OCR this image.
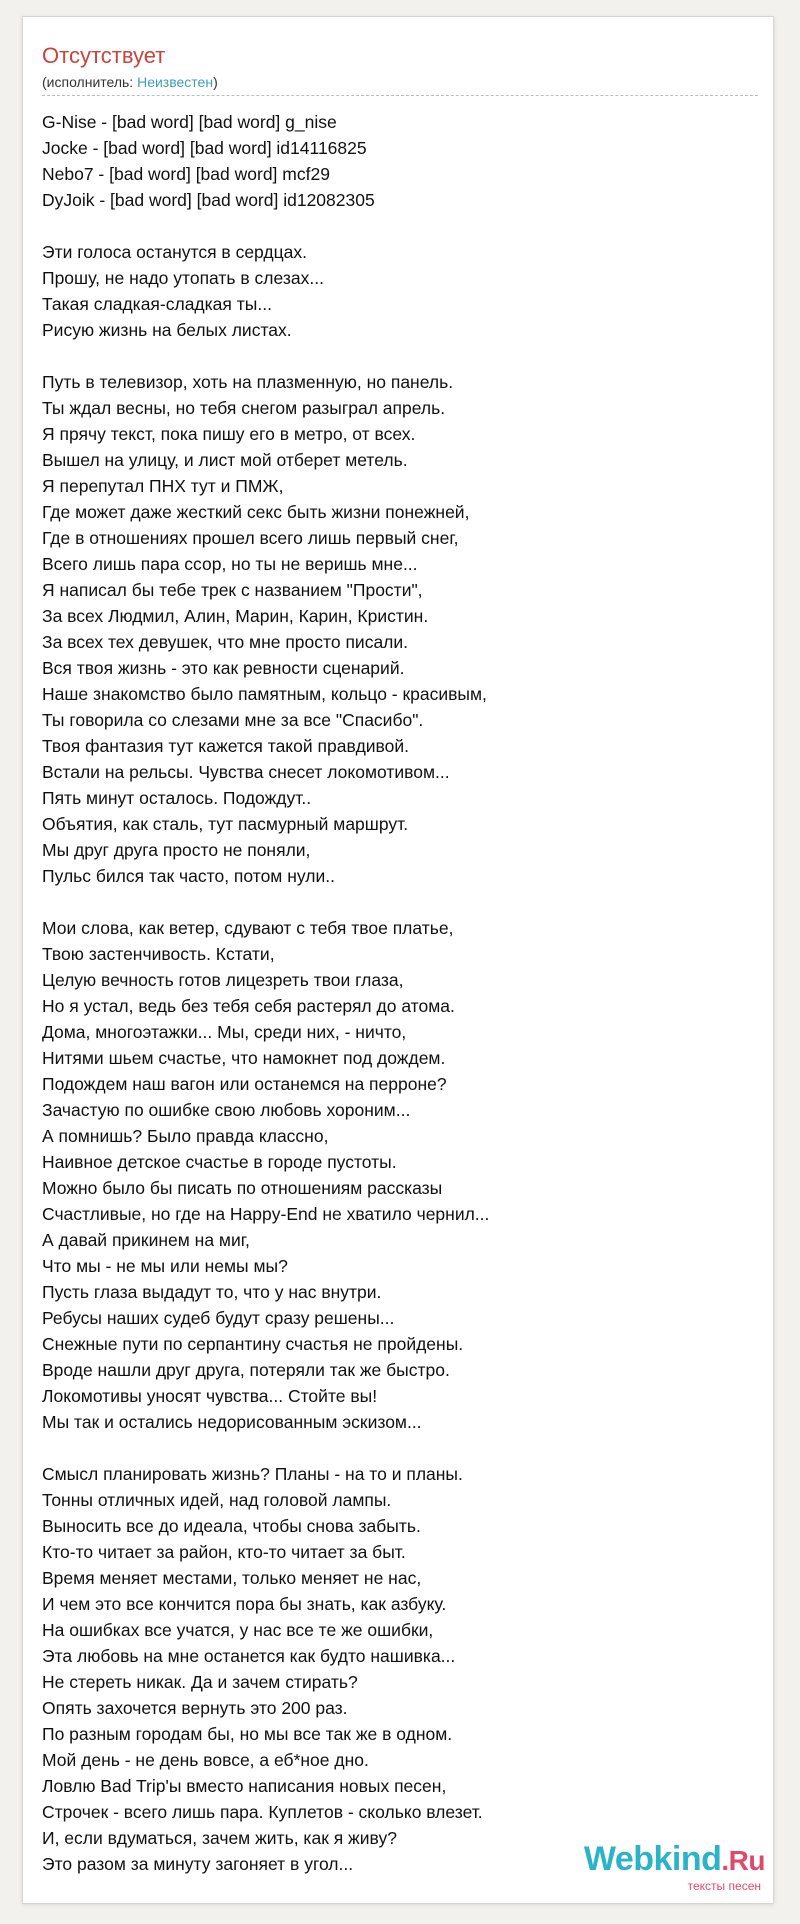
Отсутствует
(исполнитель: Неизвестен)
G-Nise - [bad word] [bad word] g_nise
Jocke - [bad word] [bad word] id14116825
Nebo7 - [bad word] [bad word] mcf29
DyJoik - [bad word] [bad word] id12082305
Эти голоса останутся в сердцах.
Прошу, не надо утопать в слезах...
Такая сладкая-сладкая ты...
Рисую жизнь на белых листах.
Путь в телевизор, хоть на плазменную, но панель.
Ты ждал весны, но тебя снегом разыграл апрель.
Я прячу текст, пока пишу его в метро, от всех.
Вышел на улицу, и лист мой отберет метель.
Я перепутал ПНХ тут и ПМЖ,
Где может даже жесткий секс быть жизни понежней,
Где в отношениях прошел всего лишь первый снег,
Всего лишь пара ссор, но ты не веришь мне...
Я написал бы тебе трек с названием "Прости",
За всех Людмил, Алин, Марин, Карин, Кристин.
За всех тех девушек, что мне просто писали.
Вся твоя жизнь - это как ревности сценарий.
Наше знакомство было памятным, кольцо - красивым,
Ты говорила со слезами мне за все "Спасибо".
Твоя фантазия тут кажется такой правдивой.
Встали на рельсы. Чувства снесет локомотивом...
Пять минут осталось. Подождут..
Объятия, как сталь, тут пасмурный маршрут.
Мы друг друга просто не поняли,
Пульс бился так часто, потом нули..
Мои слова, как ветер, сдувают с тебя твое платье,
Твою застенчивость. Кстати,
Целую вечность готов лицезреть твои глаза,
Но я устал, ведь без тебя себя растерял до атома.
Дома, многоэтажки... Мы, среди них, - ничто,
Нитями шьем счастье, что намокнет под дождем.
Подождем наш вагон или останемся на перроне?
Зачастую по ошибке свою любовь хороним...
А помнишь? Было правда классно,
Наивное детское счастье в городе пустоты.
Можно было бы писать по отношениям рассказы
Счастливые, но где на Happy-End не хватило чернил...
А давай прикинем на миг,
Что мы - не мы или немы мы?
Пусть глаза выдадут то, что у нас внутри.
Ребусы наших судеб будут сразу решены...
Снежные пути по серпантину счастья не пройдены.
Вроде нашли друг друга, потеряли так же быстро.
Локомотивы уносят чувства... Стойте вы!
Мы так и остались недорисованным эскизом...
Смысл планировать жизнь? Планы - на то и планы.
Тонны отличных идей, над головой лампы.
Выносить все до идеала, чтобы снова забыть.
Кто-то читает за район, кто-то читает за быт.
Время меняет местами, только меняет не нас,
И чем это все кончится пора бы знать, как азбуку.
На ошибках все учатся, у нас все те же ошибки,
Эта любовь на мне останется как будто нашивка...
Не стереть никак. Да и зачем стирать?
Опять захочется вернуть это 200 раз.
По разным городам бы, но мы все так же в одном.
Мой день - не день вовсе, а еб*ное дно.
Ловлю Bad Trip'ы вместо написания новых песен,
Строчек - всего лишь пара. Куплетов - сколько влезет.
И, если вдуматься, зачем жить, как я живу?
Это разом за минуту загоняет в угол...	Webkind.Ru
тексты песен
